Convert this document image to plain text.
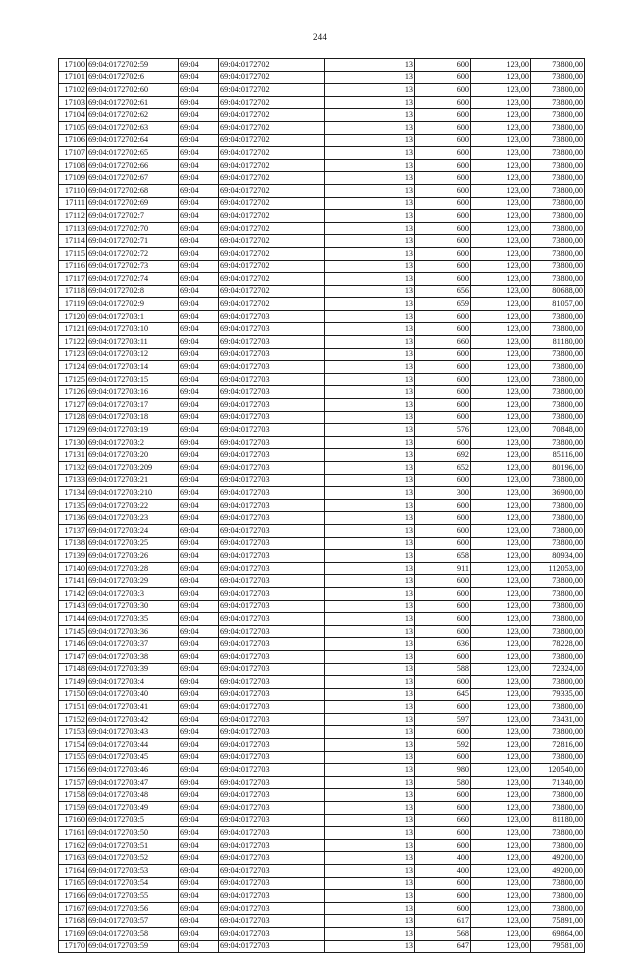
244
17100	69:04:0172702:59	69:04	69:04:0172702	13	600	123,00	73800,00
17101	69:04:0172702:6	69:04	69:04:0172702	13	600	123,00	73800,00
17102	69:04:0172702:60	69:04	69:04:0172702	13	600	123,00	73800,00
17103	69:04:0172702:61	69:04	69:04:0172702	13	600	123,00	73800,00
17104	69:04:0172702:62	69:04	69:04:0172702	13	600	123,00	73800,00
17105	69:04:0172702:63	69:04	69:04:0172702	13	600	123,00	73800,00
17106	69:04:0172702:64	69:04	69:04:0172702	13	600	123,00	73800,00
17107	69:04:0172702:65	69:04	69:04:0172702	13	600	123,00	73800,00
17108	69:04:0172702:66	69:04	69:04:0172702	13	600	123,00	73800,00
17109	69:04:0172702:67	69:04	69:04:0172702	13	600	123,00	73800,00
17110	69:04:0172702:68	69:04	69:04:0172702	13	600	123,00	73800,00
17111	69:04:0172702:69	69:04	69:04:0172702	13	600	123,00	73800,00
17112	69:04:0172702:7	69:04	69:04:0172702	13	600	123,00	73800,00
17113	69:04:0172702:70	69:04	69:04:0172702	13	600	123,00	73800,00
17114	69:04:0172702:71	69:04	69:04:0172702	13	600	123,00	73800,00
17115	69:04:0172702:72	69:04	69:04:0172702	13	600	123,00	73800,00
17116	69:04:0172702:73	69:04	69:04:0172702	13	600	123,00	73800,00
17117	69:04:0172702:74	69:04	69:04:0172702	13	600	123,00	73800,00
17118	69:04:0172702:8	69:04	69:04:0172702	13	656	123,00	80688,00
17119	69:04:0172702:9	69:04	69:04:0172702	13	659	123,00	81057,00
17120	69:04:0172703:1	69:04	69:04:0172703	13	600	123,00	73800,00
17121	69:04:0172703:10	69:04	69:04:0172703	13	600	123,00	73800,00
17122	69:04:0172703:11	69:04	69:04:0172703	13	660	123,00	81180,00
17123	69:04:0172703:12	69:04	69:04:0172703	13	600	123,00	73800,00
17124	69:04:0172703:14	69:04	69:04:0172703	13	600	123,00	73800,00
17125	69:04:0172703:15	69:04	69:04:0172703	13	600	123,00	73800,00
17126	69:04:0172703:16	69:04	69:04:0172703	13	600	123,00	73800,00
17127	69:04:0172703:17	69:04	69:04:0172703	13	600	123,00	73800,00
17128	69:04:0172703:18	69:04	69:04:0172703	13	600	123,00	73800,00
17129	69:04:0172703:19	69:04	69:04:0172703	13	576	123,00	70848,00
17130	69:04:0172703:2	69:04	69:04:0172703	13	600	123,00	73800,00
17131	69:04:0172703:20	69:04	69:04:0172703	13	692	123,00	85116,00
17132	69:04:0172703:209	69:04	69:04:0172703	13	652	123,00	80196,00
17133	69:04:0172703:21	69:04	69:04:0172703	13	600	123,00	73800,00
17134	69:04:0172703:210	69:04	69:04:0172703	13	300	123,00	36900,00
17135	69:04:0172703:22	69:04	69:04:0172703	13	600	123,00	73800,00
17136	69:04:0172703:23	69:04	69:04:0172703	13	600	123,00	73800,00
17137	69:04:0172703:24	69:04	69:04:0172703	13	600	123,00	73800,00
17138	69:04:0172703:25	69:04	69:04:0172703	13	600	123,00	73800,00
17139	69:04:0172703:26	69:04	69:04:0172703	13	658	123,00	80934,00
17140	69:04:0172703:28	69:04	69:04:0172703	13	911	123,00	112053,00
17141	69:04:0172703:29	69:04	69:04:0172703	13	600	123,00	73800,00
17142	69:04:0172703:3	69:04	69:04:0172703	13	600	123,00	73800,00
17143	69:04:0172703:30	69:04	69:04:0172703	13	600	123,00	73800,00
17144	69:04:0172703:35	69:04	69:04:0172703	13	600	123,00	73800,00
17145	69:04:0172703:36	69:04	69:04:0172703	13	600	123,00	73800,00
17146	69:04:0172703:37	69:04	69:04:0172703	13	636	123,00	78228,00
17147	69:04:0172703:38	69:04	69:04:0172703	13	600	123,00	73800,00
17148	69:04:0172703:39	69:04	69:04:0172703	13	588	123,00	72324,00
17149	69:04:0172703:4	69:04	69:04:0172703	13	600	123,00	73800,00
17150	69:04:0172703:40	69:04	69:04:0172703	13	645	123,00	79335,00
17151	69:04:0172703:41	69:04	69:04:0172703	13	600	123,00	73800,00
17152	69:04:0172703:42	69:04	69:04:0172703	13	597	123,00	73431,00
17153	69:04:0172703:43	69:04	69:04:0172703	13	600	123,00	73800,00
17154	69:04:0172703:44	69:04	69:04:0172703	13	592	123,00	72816,00
17155	69:04:0172703:45	69:04	69:04:0172703	13	600	123,00	73800,00
17156	69:04:0172703:46	69:04	69:04:0172703	13	980	123,00	120540,00
17157	69:04:0172703:47	69:04	69:04:0172703	13	580	123,00	71340,00
17158	69:04:0172703:48	69:04	69:04:0172703	13	600	123,00	73800,00
17159	69:04:0172703:49	69:04	69:04:0172703	13	600	123,00	73800,00
17160	69:04:0172703:5	69:04	69:04:0172703	13	660	123,00	81180,00
17161	69:04:0172703:50	69:04	69:04:0172703	13	600	123,00	73800,00
17162	69:04:0172703:51	69:04	69:04:0172703	13	600	123,00	73800,00
17163	69:04:0172703:52	69:04	69:04:0172703	13	400	123,00	49200,00
17164	69:04:0172703:53	69:04	69:04:0172703	13	400	123,00	49200,00
17165	69:04:0172703:54	69:04	69:04:0172703	13	600	123,00	73800,00
17166	69:04:0172703:55	69:04	69:04:0172703	13	600	123,00	73800,00
17167	69:04:0172703:56	69:04	69:04:0172703	13	600	123,00	73800,00
17168	69:04:0172703:57	69:04	69:04:0172703	13	617	123,00	75891,00
17169	69:04:0172703:58	69:04	69:04:0172703	13	568	123,00	69864,00
17170	69:04:0172703:59	69:04	69:04:0172703	13	647	123,00	79581,00
